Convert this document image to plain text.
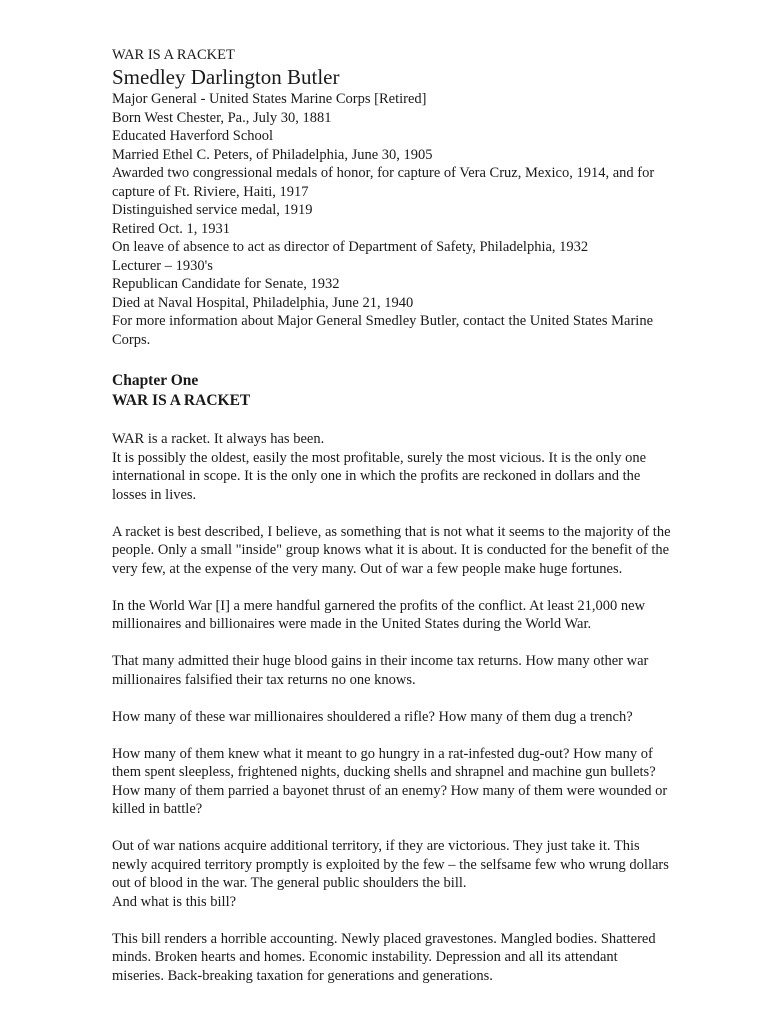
WAR IS A RACKET
Smedley Darlington Butler
Major General - United States Marine Corps [Retired]
Born West Chester, Pa., July 30, 1881
Educated Haverford School
Married Ethel C. Peters, of Philadelphia, June 30, 1905
Awarded two congressional medals of honor, for capture of Vera Cruz, Mexico, 1914, and for capture of Ft. Riviere, Haiti, 1917
Distinguished service medal, 1919
Retired Oct. 1, 1931
On leave of absence to act as director of Department of Safety, Philadelphia, 1932
Lecturer – 1930's
Republican Candidate for Senate, 1932
Died at Naval Hospital, Philadelphia, June 21, 1940
For more information about Major General Smedley Butler, contact the United States Marine Corps.
Chapter One
WAR IS A RACKET

WAR is a racket. It always has been.
It is possibly the oldest, easily the most profitable, surely the most vicious. It is the only one international in scope. It is the only one in which the profits are reckoned in dollars and the losses in lives.

A racket is best described, I believe, as something that is not what it seems to the majority of the people. Only a small "inside" group knows what it is about. It is conducted for the benefit of the very few, at the expense of the very many. Out of war a few people make huge fortunes.

In the World War [I] a mere handful garnered the profits of the conflict. At least 21,000 new millionaires and billionaires were made in the United States during the World War.

That many admitted their huge blood gains in their income tax returns. How many other war millionaires falsified their tax returns no one knows.

How many of these war millionaires shouldered a rifle? How many of them dug a trench?

How many of them knew what it meant to go hungry in a rat-infested dug-out? How many of them spent sleepless, frightened nights, ducking shells and shrapnel and machine gun bullets? How many of them parried a bayonet thrust of an enemy? How many of them were wounded or killed in battle?

Out of war nations acquire additional territory, if they are victorious. They just take it. This newly acquired territory promptly is exploited by the few – the selfsame few who wrung dollars out of blood in the war. The general public shoulders the bill.
And what is this bill?

This bill renders a horrible accounting. Newly placed gravestones. Mangled bodies. Shattered minds. Broken hearts and homes. Economic instability. Depression and all its attendant miseries. Back-breaking taxation for generations and generations.
